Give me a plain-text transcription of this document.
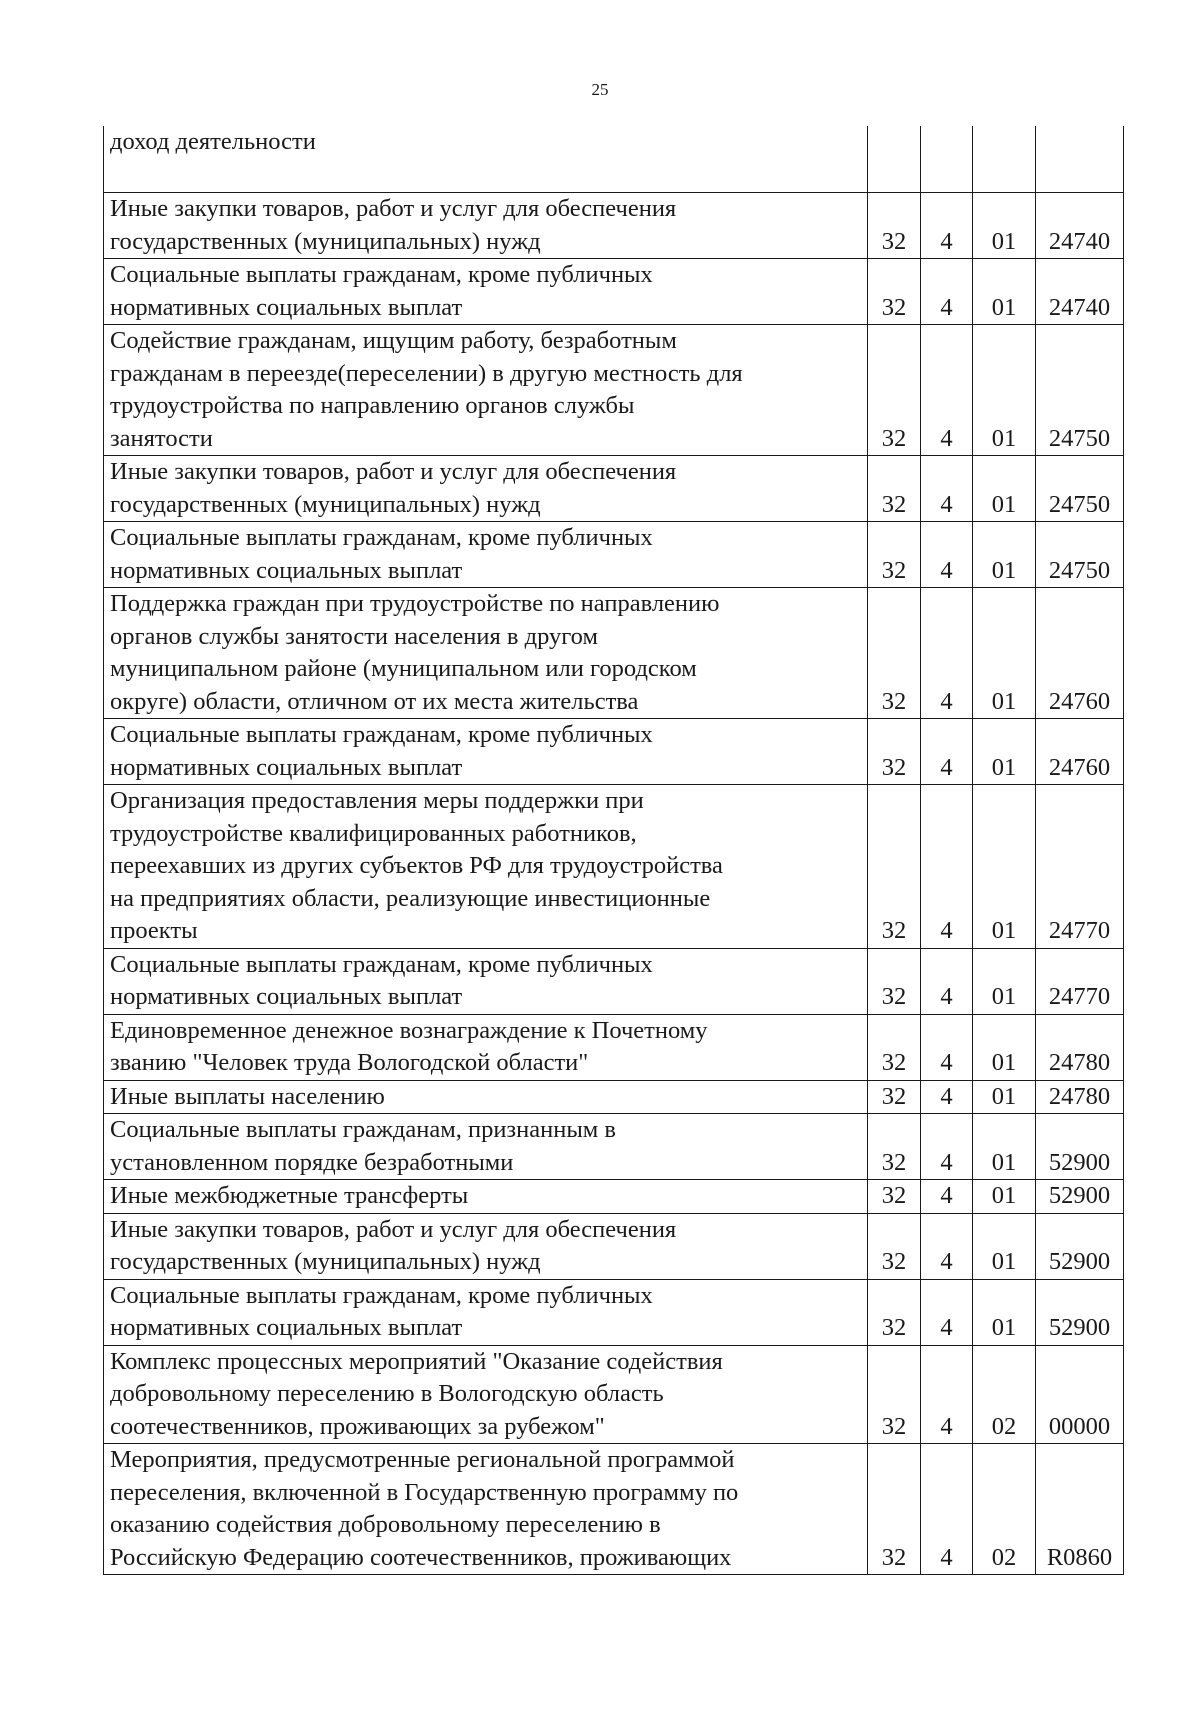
25
доход деятельности				

Иные закупки товаров, работ и услуг для обеспечения
государственных (муниципальных) нужд	32	4	01	24740

Социальные выплаты гражданам, кроме публичных
нормативных социальных выплат	32	4	01	24740

Содействие гражданам, ищущим работу, безработным
гражданам в переезде(переселении) в другую местность для
трудоустройства по направлению органов службы
занятости	32	4	01	24750

Иные закупки товаров, работ и услуг для обеспечения
государственных (муниципальных) нужд	32	4	01	24750

Социальные выплаты гражданам, кроме публичных
нормативных социальных выплат	32	4	01	24750

Поддержка граждан при трудоустройстве по направлению
органов службы занятости населения в другом
муниципальном районе (муниципальном или городском
округе) области, отличном от их места жительства	32	4	01	24760

Социальные выплаты гражданам, кроме публичных
нормативных социальных выплат	32	4	01	24760

Организация предоставления меры поддержки при
трудоустройстве квалифицированных работников,
переехавших из других субъектов РФ для трудоустройства
на предприятиях области, реализующие инвестиционные
проекты	32	4	01	24770

Социальные выплаты гражданам, кроме публичных
нормативных социальных выплат	32	4	01	24770

Единовременное денежное вознаграждение к Почетному
званию "Человек труда Вологодской области"	32	4	01	24780

Иные выплаты населению	32	4	01	24780

Социальные выплаты гражданам, признанным в
установленном порядке безработными	32	4	01	52900

Иные межбюджетные трансферты	32	4	01	52900

Иные закупки товаров, работ и услуг для обеспечения
государственных (муниципальных) нужд	32	4	01	52900

Социальные выплаты гражданам, кроме публичных
нормативных социальных выплат	32	4	01	52900

Комплекс процессных мероприятий "Оказание содействия
добровольному переселению в Вологодскую область
соотечественников, проживающих за рубежом"	32	4	02	00000

Мероприятия, предусмотренные региональной программой
переселения, включенной в Государственную программу по
оказанию содействия добровольному переселению в
Российскую Федерацию соотечественников, проживающих	32	4	02	R0860
